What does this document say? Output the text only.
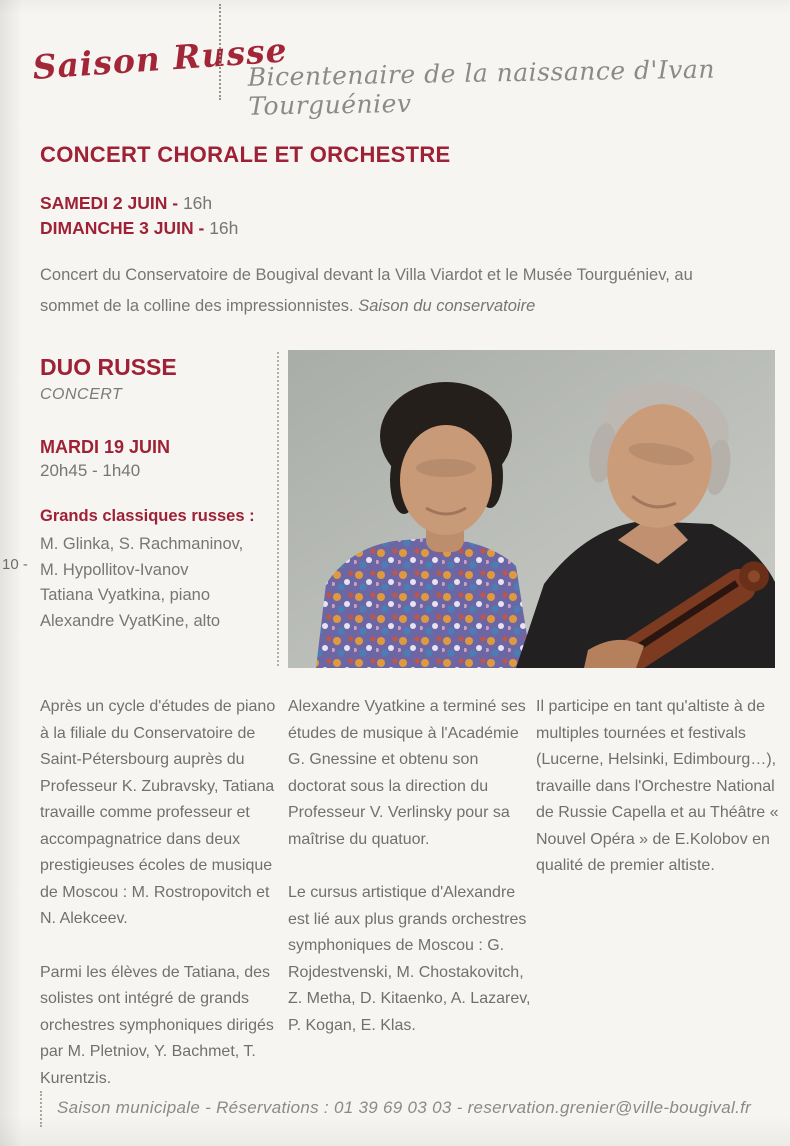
Saison Russe
Bicentenaire de la naissance d'Ivan Tourguéniev
CONCERT CHORALE ET ORCHESTRE
SAMEDI 2 JUIN - 16h
DIMANCHE 3 JUIN - 16h
Concert du Conservatoire de Bougival devant la Villa Viardot et le Musée Tourguéniev, au sommet de la colline des impressionnistes. Saison du conservatoire
DUO RUSSE
CONCERT
MARDI 19 JUIN
20h45 - 1h40
Grands classiques russes :
M. Glinka, S. Rachmaninov,
M. Hypollitov-Ivanov
Tatiana Vyatkina, piano
Alexandre VyatKine, alto
10 -

Après un cycle d'études de piano à la filiale du Conservatoire de Saint-Pétersbourg auprès du Professeur K. Zubravsky, Tatiana travaille comme professeur et accompagnatrice dans deux prestigieuses écoles de musique de Moscou : M. Rostropovitch et N. Alekceev.

Parmi les élèves de Tatiana, des solistes ont intégré de grands orchestres symphoniques dirigés par M. Pletniov, Y. Bachmet, T. Kurentzis.

Alexandre Vyatkine a terminé ses études de musique à l'Académie G. Gnessine et obtenu son doctorat sous la direction du Professeur V. Verlinsky pour sa maîtrise du quatuor.

Le cursus artistique d'Alexandre est lié aux plus grands orchestres symphoniques de Moscou : G. Rojdestvenski, M. Chostakovitch, Z. Metha, D. Kitaenko, A. Lazarev, P. Kogan, E. Klas.

Il participe en tant qu'altiste à de multiples tournées et festivals (Lucerne, Helsinki, Edimbourg…), travaille dans l'Orchestre National de Russie Capella et au Théâtre « Nouvel Opéra » de E.Kolobov en qualité de premier altiste.

Saison municipale - Réservations : 01 39 69 03 03 - reservation.grenier@ville-bougival.fr
